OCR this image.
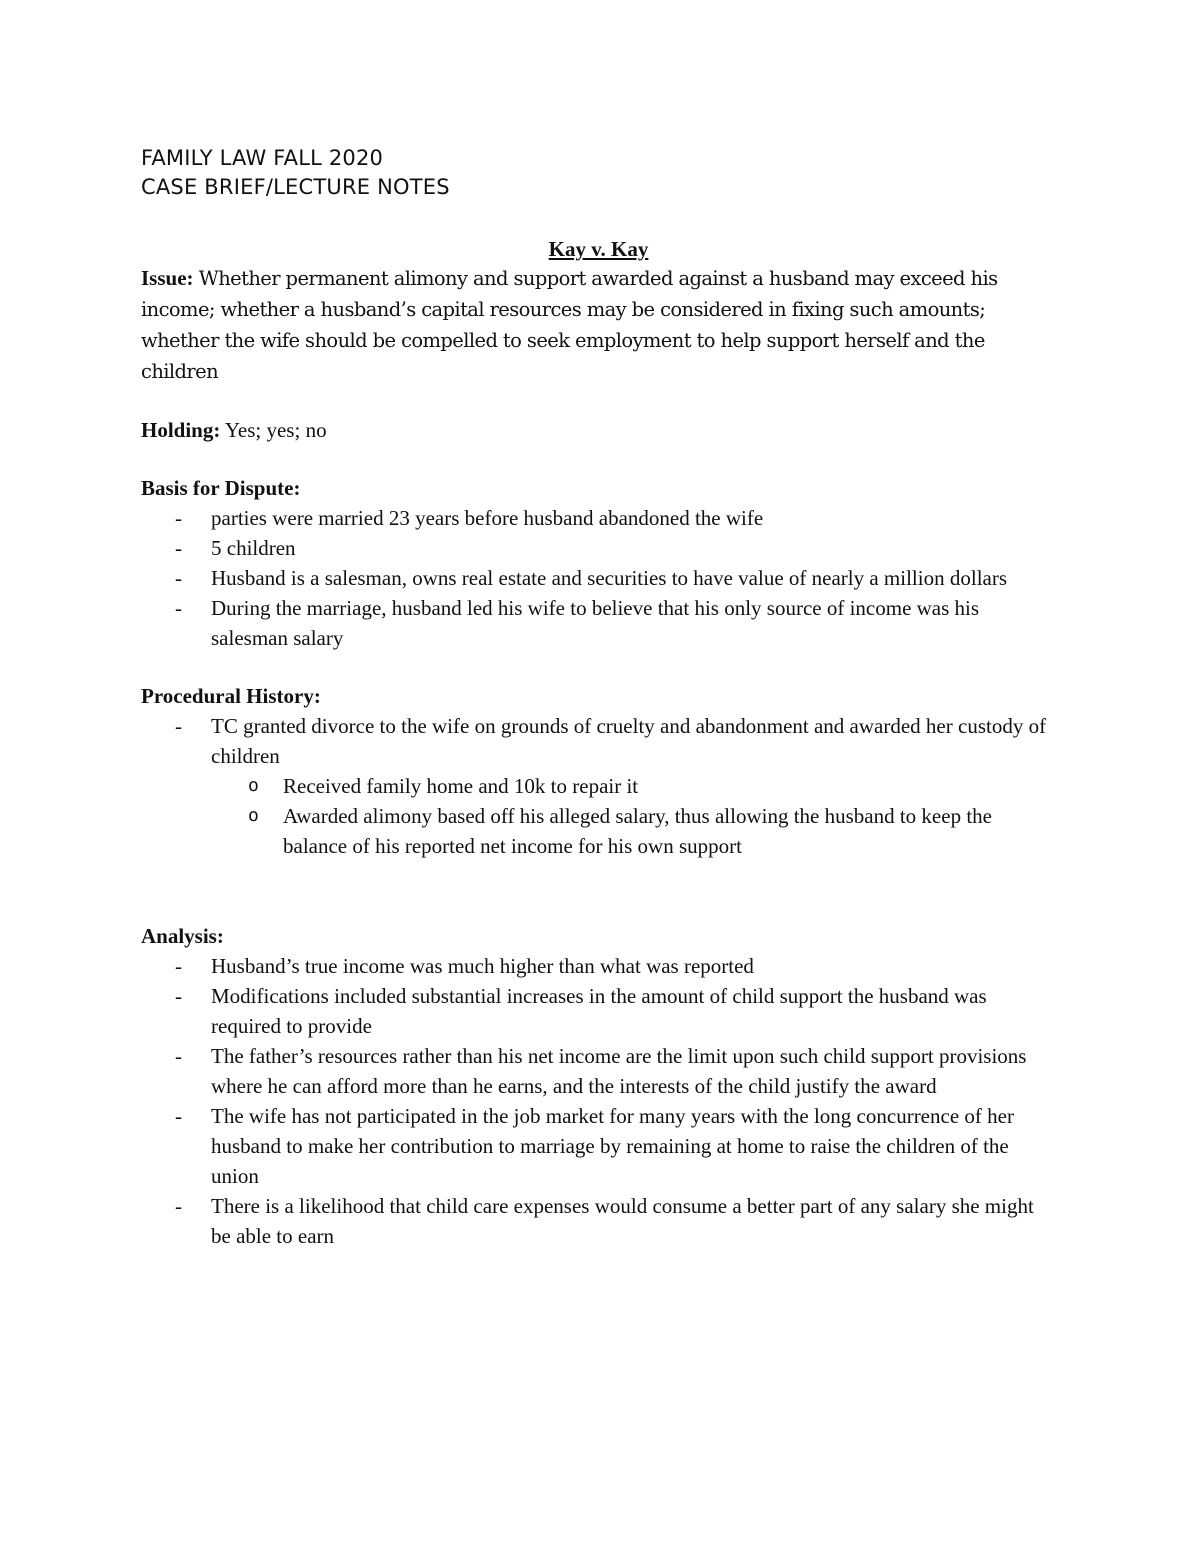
FAMILY LAW FALL 2020

CASE BRIEF/LECTURE NOTES

Kay v. Kay

Issue: Whether permanent alimony and support awarded against a husband may exceed his income; whether a husband’s capital resources may be considered in fixing such amounts; whether the wife should be compelled to seek employment to help support herself and the children

Holding: Yes; yes; no

Basis for Dispute:

- parties were married 23 years before husband abandoned the wife
- 5 children
- Husband is a salesman, owns real estate and securities to have value of nearly a million dollars
- During the marriage, husband led his wife to believe that his only source of income was his salesman salary

Procedural History:

- TC granted divorce to the wife on grounds of cruelty and abandonment and awarded her custody of children
o Received family home and 10k to repair it
o Awarded alimony based off his alleged salary, thus allowing the husband to keep the balance of his reported net income for his own support

Analysis:

- Husband’s true income was much higher than what was reported
- Modifications included substantial increases in the amount of child support the husband was required to provide
- The father’s resources rather than his net income are the limit upon such child support provisions where he can afford more than he earns, and the interests of the child justify the award
- The wife has not participated in the job market for many years with the long concurrence of her husband to make her contribution to marriage by remaining at home to raise the children of the union
- There is a likelihood that child care expenses would consume a better part of any salary she might be able to earn
